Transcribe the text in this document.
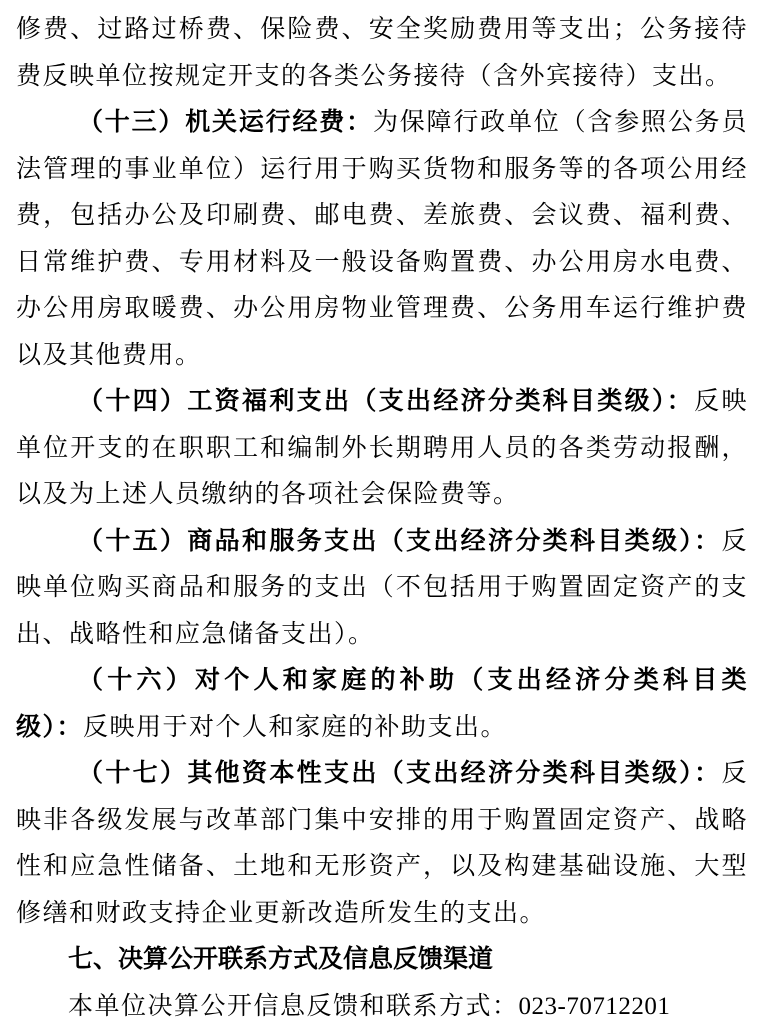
修费、过路过桥费、保险费、安全奖励费用等支出；公务接待费反映单位按规定开支的各类公务接待（含外宾接待）支出。

（十三）机关运行经费：为保障行政单位（含参照公务员法管理的事业单位）运行用于购买货物和服务等的各项公用经费，包括办公及印刷费、邮电费、差旅费、会议费、福利费、日常维护费、专用材料及一般设备购置费、办公用房水电费、办公用房取暖费、办公用房物业管理费、公务用车运行维护费以及其他费用。

（十四）工资福利支出（支出经济分类科目类级）：反映单位开支的在职职工和编制外长期聘用人员的各类劳动报酬，以及为上述人员缴纳的各项社会保险费等。

（十五）商品和服务支出（支出经济分类科目类级）：反映单位购买商品和服务的支出（不包括用于购置固定资产的支出、战略性和应急储备支出）。

（十六）对个人和家庭的补助（支出经济分类科目类级）：反映用于对个人和家庭的补助支出。

（十七）其他资本性支出（支出经济分类科目类级）：反映非各级发展与改革部门集中安排的用于购置固定资产、战略性和应急性储备、土地和无形资产，以及构建基础设施、大型修缮和财政支持企业更新改造所发生的支出。

七、决算公开联系方式及信息反馈渠道

本单位决算公开信息反馈和联系方式：023-70712201
